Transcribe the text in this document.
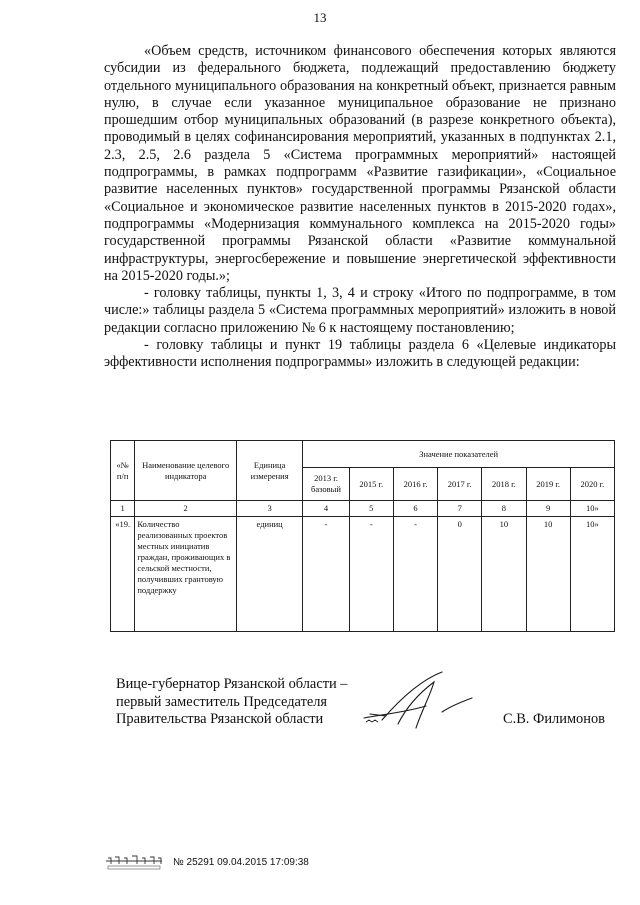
13

«Объем средств, источником финансового обеспечения которых являются субсидии из федерального бюджета, подлежащий предоставлению бюджету отдельного муниципального образования на конкретный объект, признается равным нулю, в случае если указанное муниципальное образование не признано прошедшим отбор муниципальных образований (в разрезе конкретного объекта), проводимый в целях софинансирования мероприятий, указанных в подпунктах 2.1, 2.3, 2.5, 2.6 раздела 5 «Система программных мероприятий» настоящей подпрограммы, в рамках подпрограмм «Развитие газификации», «Социальное развитие населенных пунктов» государственной программы Рязанской области «Социальное и экономическое развитие населенных пунктов в 2015-2020 годах», подпрограммы «Модернизация коммунального комплекса на 2015-2020 годы» государственной программы Рязанской области «Развитие коммунальной инфраструктуры, энергосбережение и повышение энергетической эффективности на 2015-2020 годы.»;

- головку таблицы, пункты 1, 3, 4 и строку «Итого по подпрограмме, в том числе:» таблицы раздела 5 «Система программных мероприятий» изложить в новой редакции согласно приложению № 6 к настоящему постановлению;

- головку таблицы и пункт 19 таблицы раздела 6 «Целевые индикаторы эффективности исполнения подпрограммы» изложить в следующей редакции:

«№ п/п	Наименование целевого индикатора	Единица измерения	Значение показателей						
			2013 г. базовый	2015 г.	2016 г.	2017 г.	2018 г.	2019 г.	2020 г.
1	2	3	4	5	6	7	8	9	10»
«19.	Количество реализованных проектов местных инициатив граждан, проживающих в сельской местности, получивших грантовую поддержку	единиц	-	-	-	0	10	10	10»
Вице-губернатор Рязанской области –
первый заместитель Председателя
Правительства Рязанской области	С.В. Филимонов
№ 25291 09.04.2015 17:09:38
